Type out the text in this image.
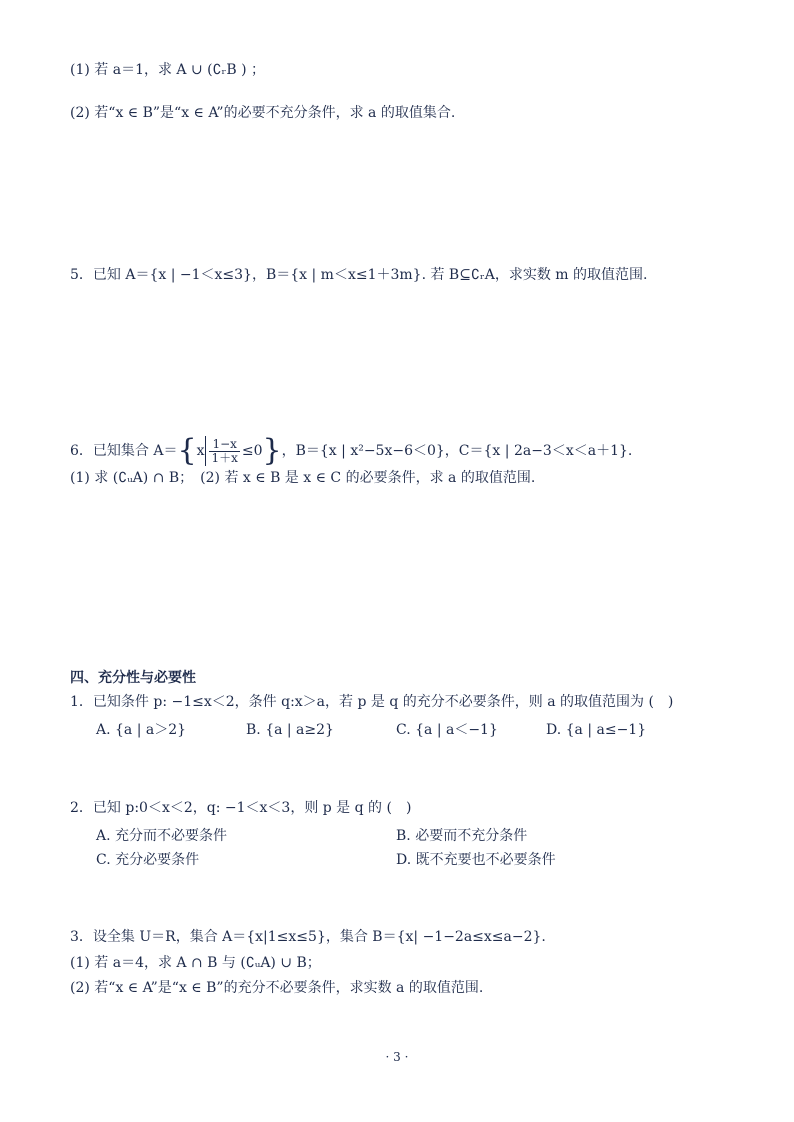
(1) 若 a＝1，求 A ∪ (∁ᵣB ) ；
(2) 若“x ∈ B”是“x ∈ A”的必要不充分条件，求 a 的取值集合.
5．已知 A＝{x | −1＜x≤3}，B＝{x | m＜x≤1＋3m}. 若 B⊆∁ᵣA，求实数 m 的取值范围.
6．已知集合 $A=\{x \frac{1-x}{1+x} \le 0\}$，B＝{x | x²−5x−6＜0}，C＝{x | 2a−3＜x＜a＋1}.
(1) 求 (∁ᵤA) ∩ B；　(2) 若 x ∈ B 是 x ∈ C 的必要条件，求 a 的取值范围.
四、充分性与必要性
1．已知条件 p: −1≤x＜2，条件 q:x＞a，若 p 是 q 的充分不必要条件，则 a 的取值范围为 (　)
A. {a | a＞2}	B. {a | a≥2}	C. {a | a＜−1}	D. {a | a≤−1}
2．已知 p:0＜x＜2，q: −1＜x＜3，则 p 是 q 的 (　)
A. 充分而不必要条件	B. 必要而不充分条件
C. 充分必要条件	D. 既不充要也不必要条件
3．设全集 U＝R，集合 A＝{x|1≤x≤5}，集合 B＝{x| −1−2a≤x≤a−2}.
(1) 若 a＝4，求 A ∩ B 与 (∁ᵤA) ∪ B；
(2) 若“x ∈ A”是“x ∈ B”的充分不必要条件，求实数 a 的取值范围.
· 3 ·
